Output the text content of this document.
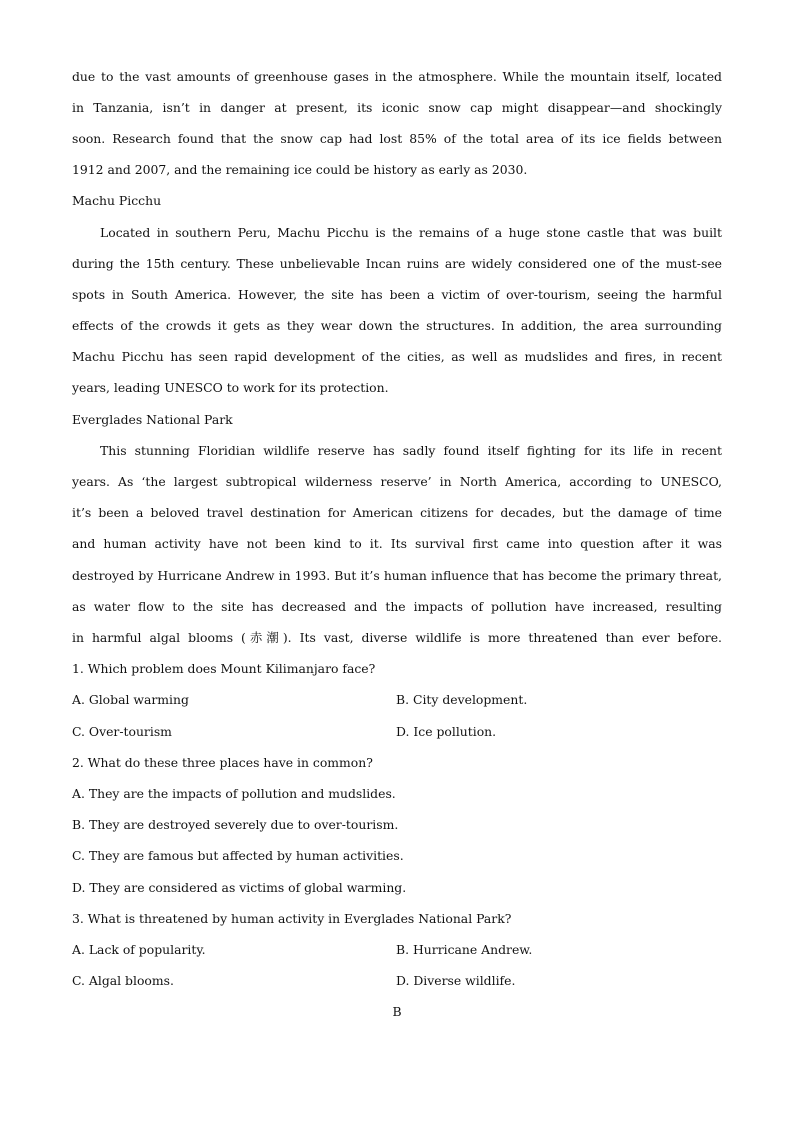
due to the vast amounts of greenhouse gases in the atmosphere. While the mountain itself, located
in Tanzania, isn’t in danger at present, its iconic snow cap might disappear—and shockingly
soon. Research found that the snow cap had lost 85% of the total area of its ice fields between
1912 and 2007, and the remaining ice could be history as early as 2030.
Machu Picchu
Located in southern Peru, Machu Picchu is the remains of a huge stone castle that was built
during the 15th century. These unbelievable Incan ruins are widely considered one of the must-see
spots in South America. However, the site has been a victim of over-tourism, seeing the harmful
effects of the crowds it gets as they wear down the structures. In addition, the area surrounding
Machu Picchu has seen rapid development of the cities, as well as mudslides and fires, in recent
years, leading UNESCO to work for its protection.
Everglades National Park
This stunning Floridian wildlife reserve has sadly found itself fighting for its life in recent
years. As ‘the largest subtropical wilderness reserve’ in North America, according to UNESCO,
it’s been a beloved travel destination for American citizens for decades, but the damage of time
and human activity have not been kind to it. Its survival first came into question after it was
destroyed by Hurricane Andrew in 1993. But it’s human influence that has become the primary threat,
as water flow to the site has decreased and the impacts of pollution have increased, resulting
in harmful algal blooms (赤潮). Its vast, diverse wildlife is more threatened than ever before.
1. Which problem does Mount Kilimanjaro face?
A. Global warming	B. City development.
C. Over-tourism	D. Ice pollution.
2. What do these three places have in common?
A. They are the impacts of pollution and mudslides.
B. They are destroyed severely due to over-tourism.
C. They are famous but affected by human activities.
D. They are considered as victims of global warming.
3. What is threatened by human activity in Everglades National Park?
A. Lack of popularity.	B. Hurricane Andrew.
C. Algal blooms.	D. Diverse wildlife.
B
